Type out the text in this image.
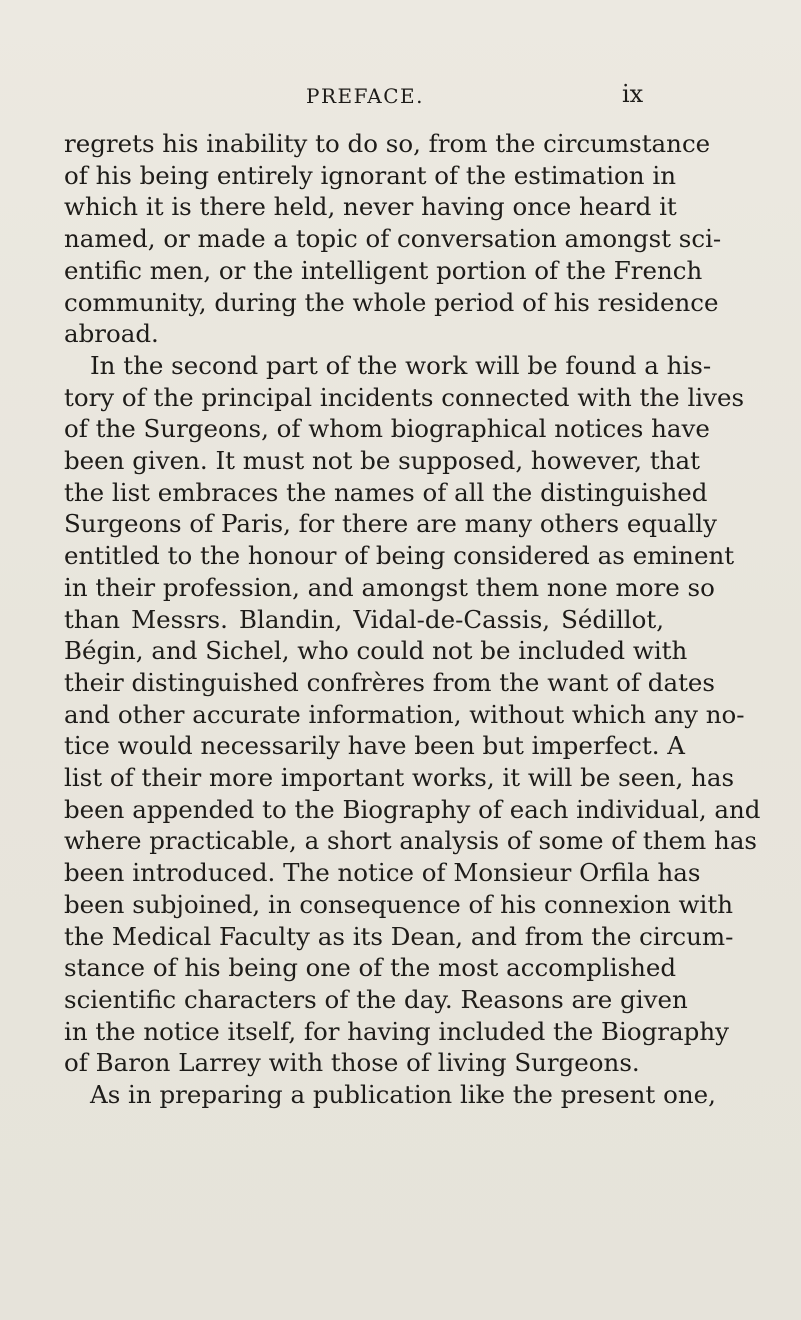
PREFACE.	ix
regrets his inability to do so, from the circumstance
of his being entirely ignorant of the estimation in
which it is there held, never having once heard it
named, or made a topic of conversation amongst sci-
entific men, or the intelligent portion of the French
community, during the whole period of his residence
abroad.
In the second part of the work will be found a his-
tory of the principal incidents connected with the lives
of the Surgeons, of whom biographical notices have
been given. It must not be supposed, however, that
the list embraces the names of all the distinguished
Surgeons of Paris, for there are many others equally
entitled to the honour of being considered as eminent
in their profession, and amongst them none more so
than Messrs. Blandin, Vidal-de-Cassis, Sédillot,
Bégin, and Sichel, who could not be included with
their distinguished confrères from the want of dates
and other accurate information, without which any no-
tice would necessarily have been but imperfect. A
list of their more important works, it will be seen, has
been appended to the Biography of each individual, and
where practicable, a short analysis of some of them has
been introduced. The notice of Monsieur Orfila has
been subjoined, in consequence of his connexion with
the Medical Faculty as its Dean, and from the circum-
stance of his being one of the most accomplished
scientific characters of the day. Reasons are given
in the notice itself, for having included the Biography
of Baron Larrey with those of living Surgeons.
As in preparing a publication like the present one,
